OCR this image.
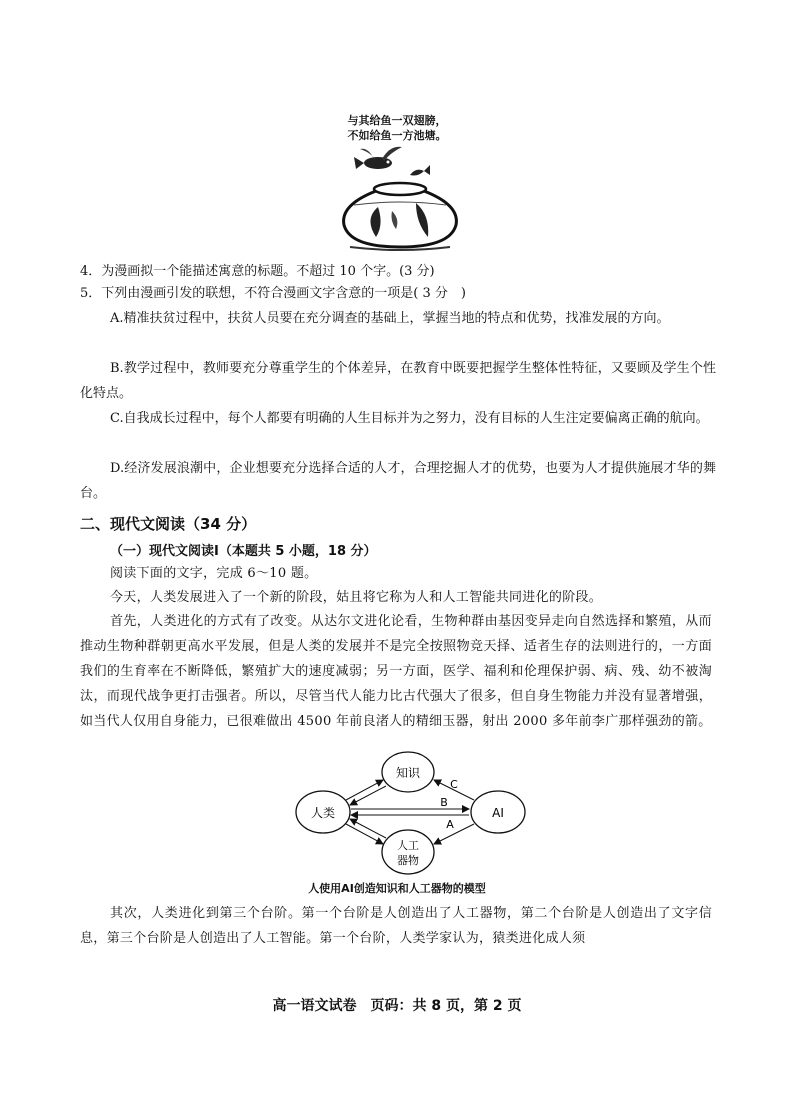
与其给鱼一双翅膀，
不如给鱼一方池塘。
4．为漫画拟一个能描述寓意的标题。不超过 10 个字。(3 分)
5．下列由漫画引发的联想，不符合漫画文字含意的一项是( 3 分　)
A.精准扶贫过程中，扶贫人员要在充分调查的基础上，掌握当地的特点和优势，找准发展的方向。
B.教学过程中，教师要充分尊重学生的个体差异，在教育中既要把握学生整体性特征，又要顾及学生个性化特点。
C.自我成长过程中，每个人都要有明确的人生目标并为之努力，没有目标的人生注定要偏离正确的航向。
D.经济发展浪潮中，企业想要充分选择合适的人才，合理挖掘人才的优势，也要为人才提供施展才华的舞台。
二、现代文阅读（34 分）
（一）现代文阅读Ⅰ（本题共 5 小题，18 分）
阅读下面的文字，完成 6～10 题。
今天，人类发展进入了一个新的阶段，姑且将它称为人和人工智能共同进化的阶段。
首先，人类进化的方式有了改变。从达尔文进化论看，生物种群由基因变异走向自然选择和繁殖，从而推动生物种群朝更高水平发展，但是人类的发展并不是完全按照物竞天择、适者生存的法则进行的，一方面我们的生育率在不断降低，繁殖扩大的速度减弱；另一方面，医学、福利和伦理保护弱、病、残、幼不被淘汰，而现代战争更打击强者。所以，尽管当代人能力比古代强大了很多，但自身生物能力并没有显著增强，如当代人仅用自身能力，已很难做出 4500 年前良渚人的精细玉器，射出 2000 多年前李广那样强劲的箭。
知识
人类	AI
人工
器物
C
B
A
人使用AI创造知识和人工器物的模型
其次，人类进化到第三个台阶。第一个台阶是人创造出了人工器物，第二个台阶是人创造出了文字信息，第三个台阶是人创造出了人工智能。第一个台阶，人类学家认为，猿类进化成人须
高一语文试卷　页码：共 8 页，第 2 页
